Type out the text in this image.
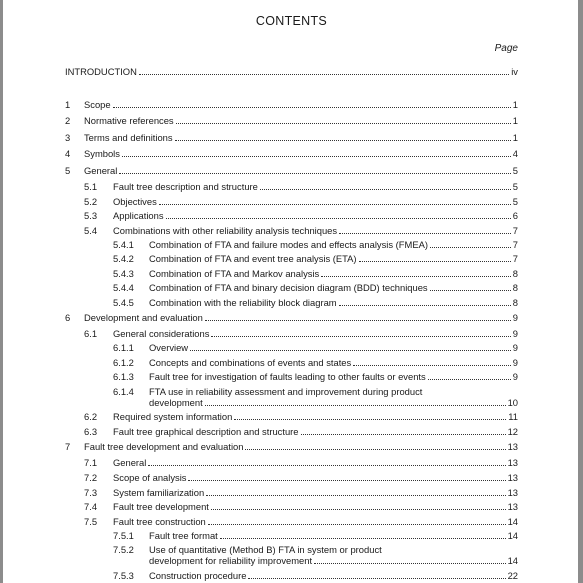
CONTENTS
Page
INTRODUCTION	iv
1 Scope	1
2 Normative references	1
3 Terms and definitions	1
4 Symbols	4
5 General	5
5.1 Fault tree description and structure	5
5.2 Objectives	5
5.3 Applications	6
5.4 Combinations with other reliability analysis techniques	7
5.4.1 Combination of FTA and failure modes and effects analysis (FMEA)	7
5.4.2 Combination of FTA and event tree analysis (ETA)	7
5.4.3 Combination of FTA and Markov analysis	8
5.4.4 Combination of FTA and binary decision diagram (BDD) techniques	8
5.4.5 Combination with the reliability block diagram	8
6 Development and evaluation	9
6.1 General considerations	9
6.1.1 Overview	9
6.1.2 Concepts and combinations of events and states	9
6.1.3 Fault tree for investigation of faults leading to other faults or events	9
6.1.4 FTA use in reliability assessment and improvement during product
development	10
6.2 Required system information	11
6.3 Fault tree graphical description and structure	12
7 Fault tree development and evaluation	13
7.1 General	13
7.2 Scope of analysis	13
7.3 System familiarization	13
7.4 Fault tree development	13
7.5 Fault tree construction	14
7.5.1 Fault tree format	14
7.5.2 Use of quantitative (Method B) FTA in system or product
development for reliability improvement	14
7.5.3 Construction procedure	22
